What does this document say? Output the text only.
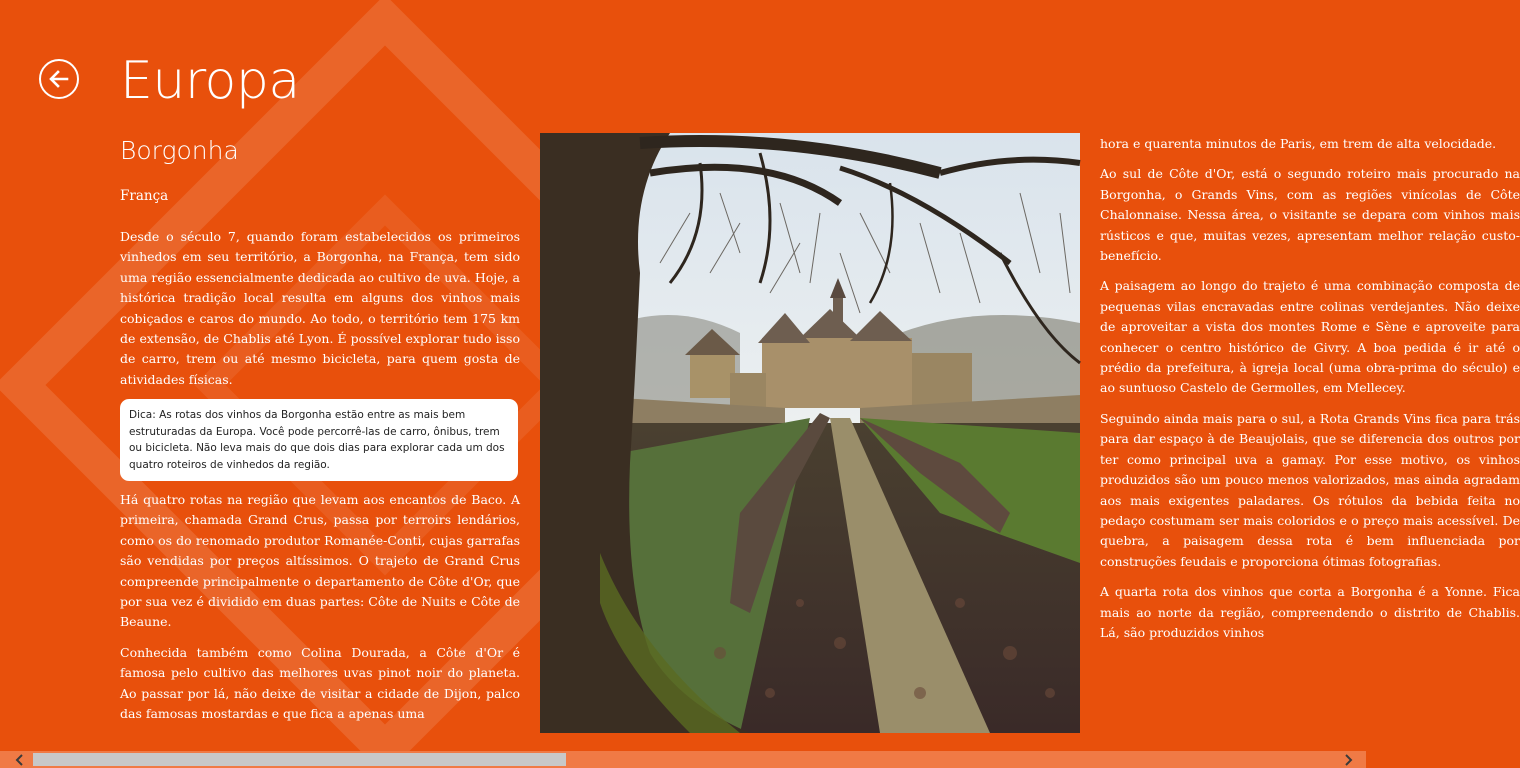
Europa
Borgonha
França

Desde o século 7, quando foram estabelecidos os primeiros vinhedos em seu território, a Borgonha, na França, tem sido uma região essencialmente dedicada ao cultivo de uva. Hoje, a histórica tradição local resulta em alguns dos vinhos mais cobiçados e caros do mundo. Ao todo, o território tem 175 km de extensão, de Chablis até Lyon. É possível explorar tudo isso de carro, trem ou até mesmo bicicleta, para quem gosta de atividades físicas.

Dica: As rotas dos vinhos da Borgonha estão entre as mais bem estruturadas da Europa. Você pode percorrê-las de carro, ônibus, trem ou bicicleta. Não leva mais do que dois dias para explorar cada um dos quatro roteiros de vinhedos da região.

Há quatro rotas na região que levam aos encantos de Baco. A primeira, chamada Grand Crus, passa por terroirs lendários, como os do renomado produtor Romanée-Conti, cujas garrafas são vendidas por preços altíssimos. O trajeto de Grand Crus compreende principalmente o departamento de Côte d'Or, que por sua vez é dividido em duas partes: Côte de Nuits e Côte de Beaune.

Conhecida também como Colina Dourada, a Côte d'Or é famosa pelo cultivo das melhores uvas pinot noir do planeta. Ao passar por lá, não deixe de visitar a cidade de Dijon, palco das famosas mostardas e que fica a apenas uma

hora e quarenta minutos de Paris, em trem de alta velocidade.

Ao sul de Côte d'Or, está o segundo roteiro mais procurado na Borgonha, o Grands Vins, com as regiões vinícolas de Côte Chalonnaise. Nessa área, o visitante se depara com vinhos mais rústicos e que, muitas vezes, apresentam melhor relação custo-benefício.

A paisagem ao longo do trajeto é uma combinação composta de pequenas vilas encravadas entre colinas verdejantes. Não deixe de aproveitar a vista dos montes Rome e Sène e aproveite para conhecer o centro histórico de Givry. A boa pedida é ir até o prédio da prefeitura, à igreja local (uma obra-prima do século) e ao suntuoso Castelo de Germolles, em Mellecey.

Seguindo ainda mais para o sul, a Rota Grands Vins fica para trás para dar espaço à de Beaujolais, que se diferencia dos outros por ter como principal uva a gamay. Por esse motivo, os vinhos produzidos são um pouco menos valorizados, mas ainda agradam aos mais exigentes paladares. Os rótulos da bebida feita no pedaço costumam ser mais coloridos e o preço mais acessível. De quebra, a paisagem dessa rota é bem influenciada por construções feudais e proporciona ótimas fotografias.

A quarta rota dos vinhos que corta a Borgonha é a Yonne. Fica mais ao norte da região, compreendendo o distrito de Chablis. Lá, são produzidos vinhos
